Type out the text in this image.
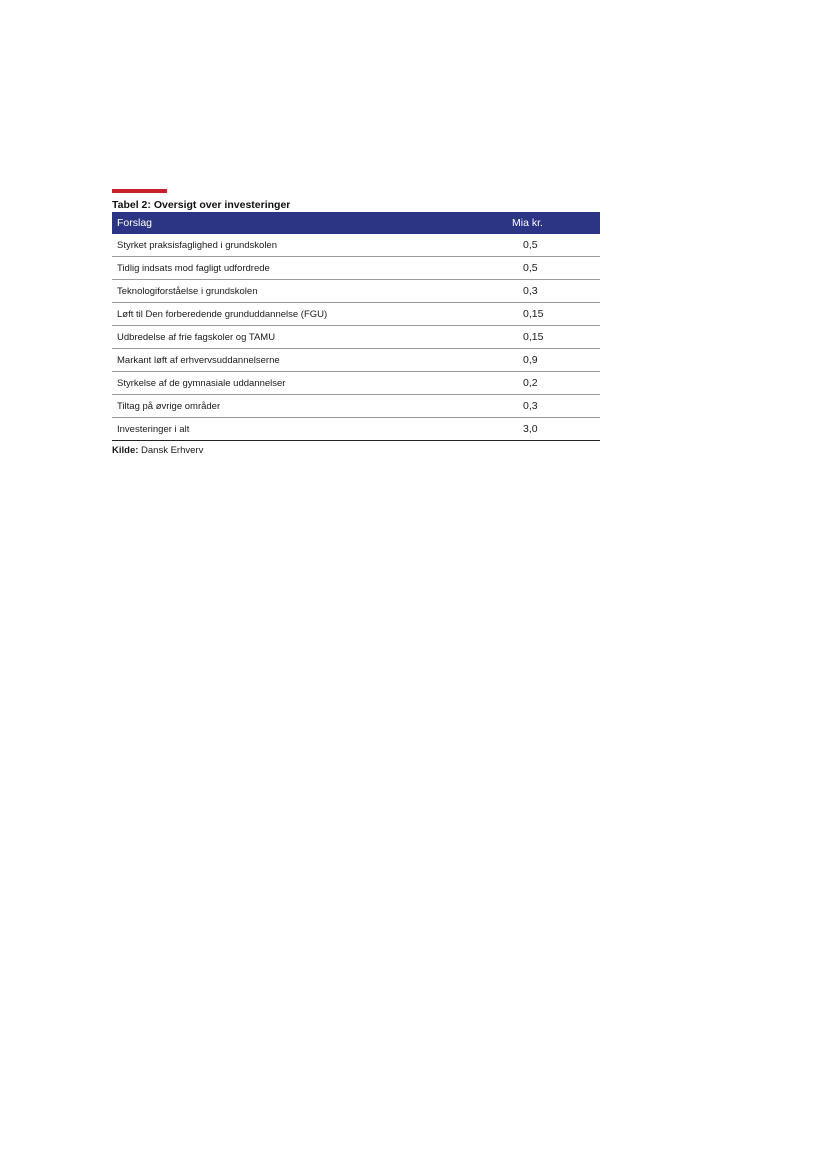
Tabel 2: Oversigt over investeringer
Forslag	Mia kr.
Styrket praksisfaglighed i grundskolen	0,5
Tidlig indsats mod fagligt udfordrede	0,5
Teknologiforståelse i grundskolen	0,3
Løft til Den forberedende grunduddannelse (FGU)	0,15
Udbredelse af frie fagskoler og TAMU	0,15
Markant løft af erhvervsuddannelserne	0,9
Styrkelse af de gymnasiale uddannelser	0,2
Tiltag på øvrige områder	0,3
Investeringer i alt	3,0
Kilde: Dansk Erhverv
